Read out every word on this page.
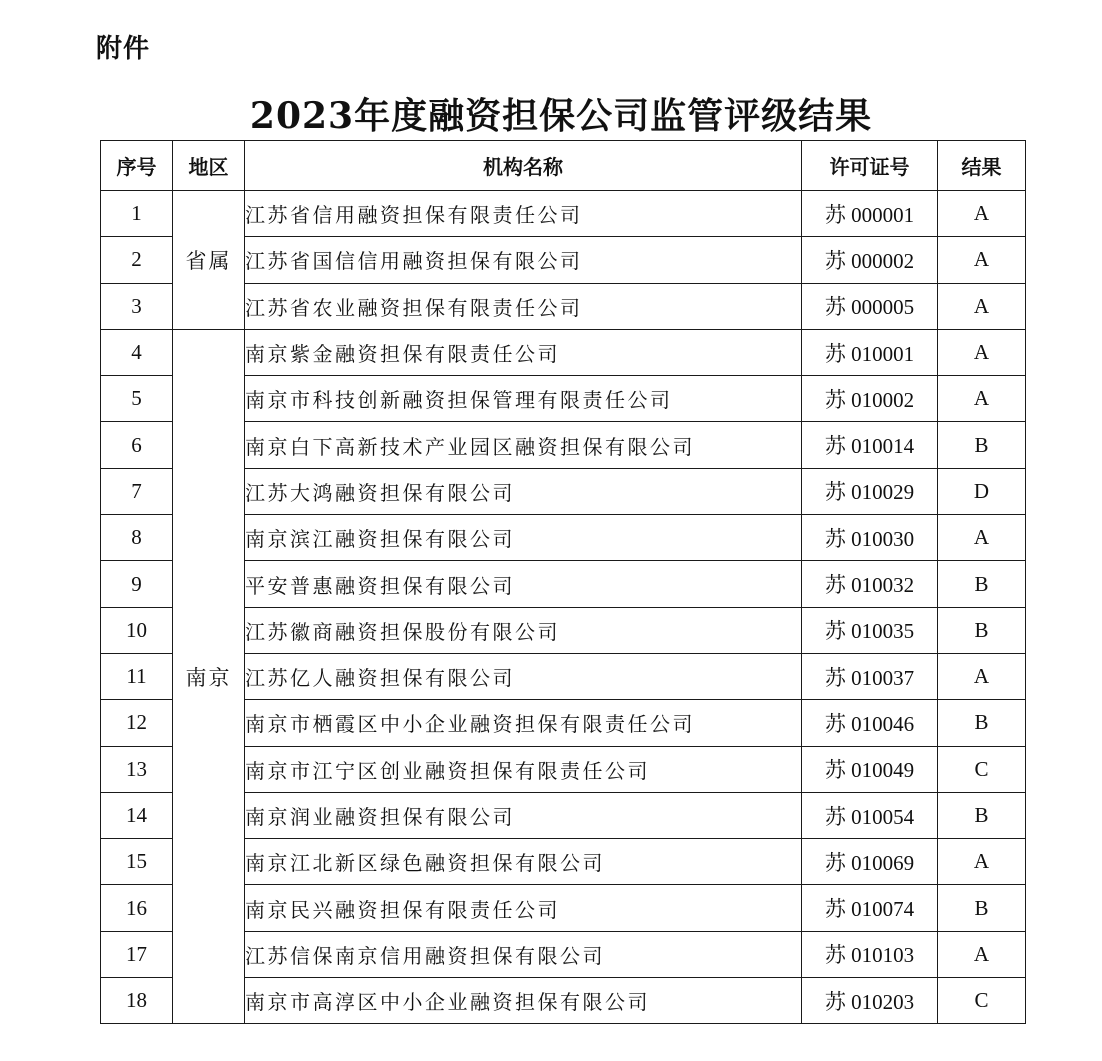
附件
2023年度融资担保公司监管评级结果
序号	地区	机构名称	许可证号	结果
1	省属	江苏省信用融资担保有限责任公司	苏 000001	A
2		江苏省国信信用融资担保有限公司	苏 000002	A
3		江苏省农业融资担保有限责任公司	苏 000005	A
4	南京	南京紫金融资担保有限责任公司	苏 010001	A
5		南京市科技创新融资担保管理有限责任公司	苏 010002	A
6		南京白下高新技术产业园区融资担保有限公司	苏 010014	B
7		江苏大鸿融资担保有限公司	苏 010029	D
8		南京滨江融资担保有限公司	苏 010030	A
9		平安普惠融资担保有限公司	苏 010032	B
10		江苏徽商融资担保股份有限公司	苏 010035	B
11		江苏亿人融资担保有限公司	苏 010037	A
12		南京市栖霞区中小企业融资担保有限责任公司	苏 010046	B
13		南京市江宁区创业融资担保有限责任公司	苏 010049	C
14		南京润业融资担保有限公司	苏 010054	B
15		南京江北新区绿色融资担保有限公司	苏 010069	A
16		南京民兴融资担保有限责任公司	苏 010074	B
17		江苏信保南京信用融资担保有限公司	苏 010103	A
18		南京市高淳区中小企业融资担保有限公司	苏 010203	C
